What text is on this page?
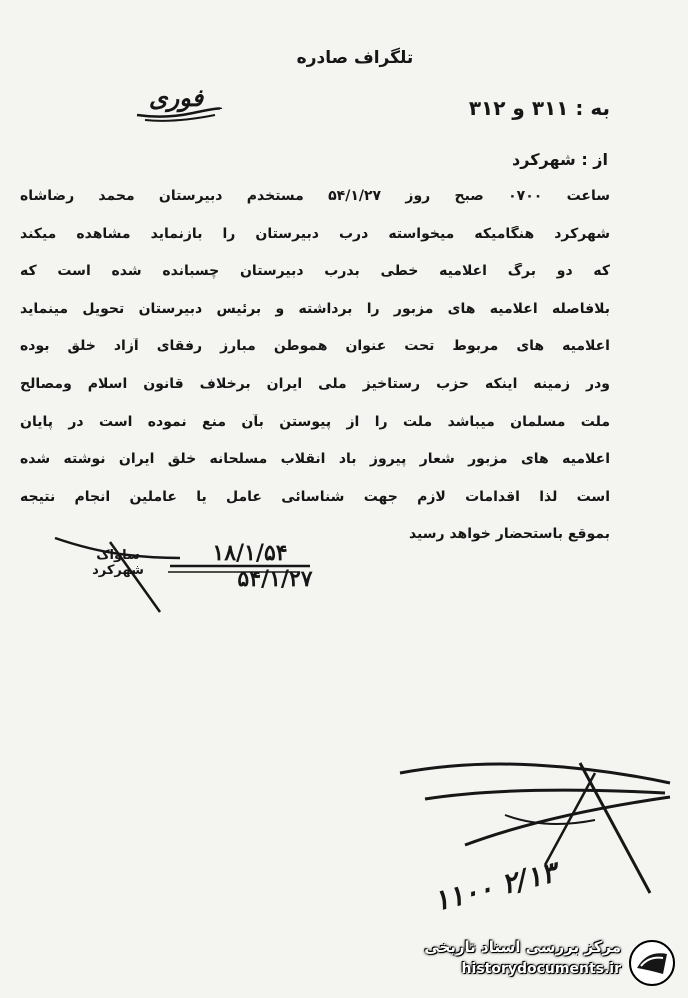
تلگراف صادره
فوری	به : ۳۱۱ و ۳۱۲
از : شهرکرد
ساعت ۰۷۰۰ صبح روز ۵۴/۱/۲۷ مستخدم دبیرستان محمد رضاشاه
شهرکرد هنگامیکه میخواسته درب دبیرستان را بازنماید مشاهده میکند
که دو برگ اعلامیه خطی بدرب دبیرستان چسبانده شده است که
بلافاصله اعلامیه های مزبور را برداشته و برئیس دبیرستان تحویل مینماید
اعلامیه های مربوط تحت عنوان هموطن مبارز رفقای آزاد خلق بوده
ودر زمینه اینکه حزب رستاخیز ملی ایران برخلاف قانون اسلام ومصالح
ملت مسلمان میباشد ملت را از پیوستن بآن منع نموده است در پایان
اعلامیه های مزبور شعار پیروز باد انقلاب مسلحانه خلق ایران نوشته شده
است لذا اقدامات لازم جهت شناسائی عامل یا عاملین انجام نتیجه
بموقع باستحضار خواهد رسید
ساواک شهرکرد
۱۸/۱/۵۴
۵۴/۱/۲۷
۱۱۰۰ ۲/۱۳
مرکز بررسی اسناد تاریخی
historydocuments.ir
